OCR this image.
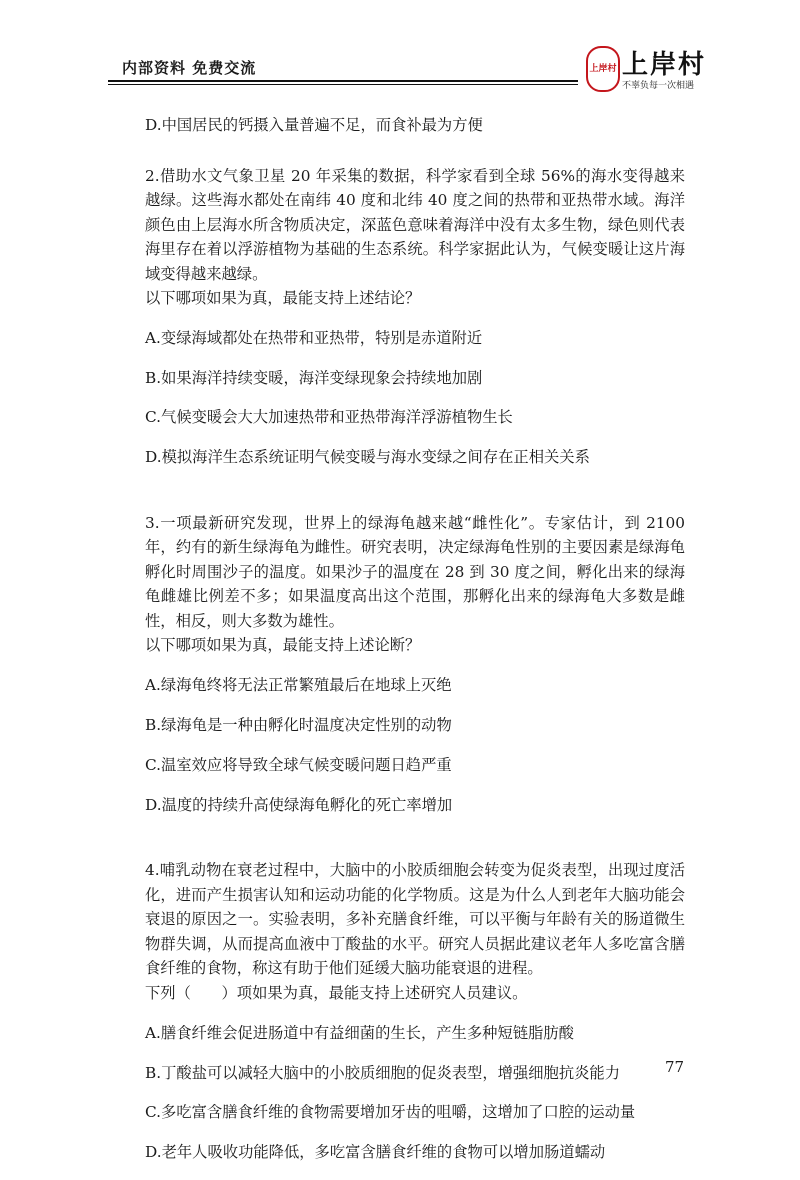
内部资料 免费交流	上岸村 上岸村
不辜负每一次相遇

D.中国居民的钙摄入量普遍不足，而食补最为方便

2.借助水文气象卫星 20 年采集的数据，科学家看到全球 56%的海水变得越来越绿。这些海水都处在南纬 40 度和北纬 40 度之间的热带和亚热带水域。海洋颜色由上层海水所含物质决定，深蓝色意味着海洋中没有太多生物，绿色则代表海里存在着以浮游植物为基础的生态系统。科学家据此认为，气候变暖让这片海域变得越来越绿。

以下哪项如果为真，最能支持上述结论？

A.变绿海域都处在热带和亚热带，特别是赤道附近

B.如果海洋持续变暖，海洋变绿现象会持续地加剧

C.气候变暖会大大加速热带和亚热带海洋浮游植物生长

D.模拟海洋生态系统证明气候变暖与海水变绿之间存在正相关关系

3.一项最新研究发现，世界上的绿海龟越来越“雌性化”。专家估计，到 2100 年，约有的新生绿海龟为雌性。研究表明，决定绿海龟性别的主要因素是绿海龟孵化时周围沙子的温度。如果沙子的温度在 28 到 30 度之间，孵化出来的绿海龟雌雄比例差不多；如果温度高出这个范围，那孵化出来的绿海龟大多数是雌性，相反，则大多数为雄性。

以下哪项如果为真，最能支持上述论断？

A.绿海龟终将无法正常繁殖最后在地球上灭绝

B.绿海龟是一种由孵化时温度决定性别的动物

C.温室效应将导致全球气候变暖问题日趋严重

D.温度的持续升高使绿海龟孵化的死亡率增加

4.哺乳动物在衰老过程中，大脑中的小胶质细胞会转变为促炎表型，出现过度活化，进而产生损害认知和运动功能的化学物质。这是为什么人到老年大脑功能会衰退的原因之一。实验表明，多补充膳食纤维，可以平衡与年龄有关的肠道微生物群失调，从而提高血液中丁酸盐的水平。研究人员据此建议老年人多吃富含膳食纤维的食物，称这有助于他们延缓大脑功能衰退的进程。

下列（　　）项如果为真，最能支持上述研究人员建议。

A.膳食纤维会促进肠道中有益细菌的生长，产生多种短链脂肪酸

B.丁酸盐可以减轻大脑中的小胶质细胞的促炎表型，增强细胞抗炎能力

C.多吃富含膳食纤维的食物需要增加牙齿的咀嚼，这增加了口腔的运动量

D.老年人吸收功能降低，多吃富含膳食纤维的食物可以增加肠道蠕动

77
